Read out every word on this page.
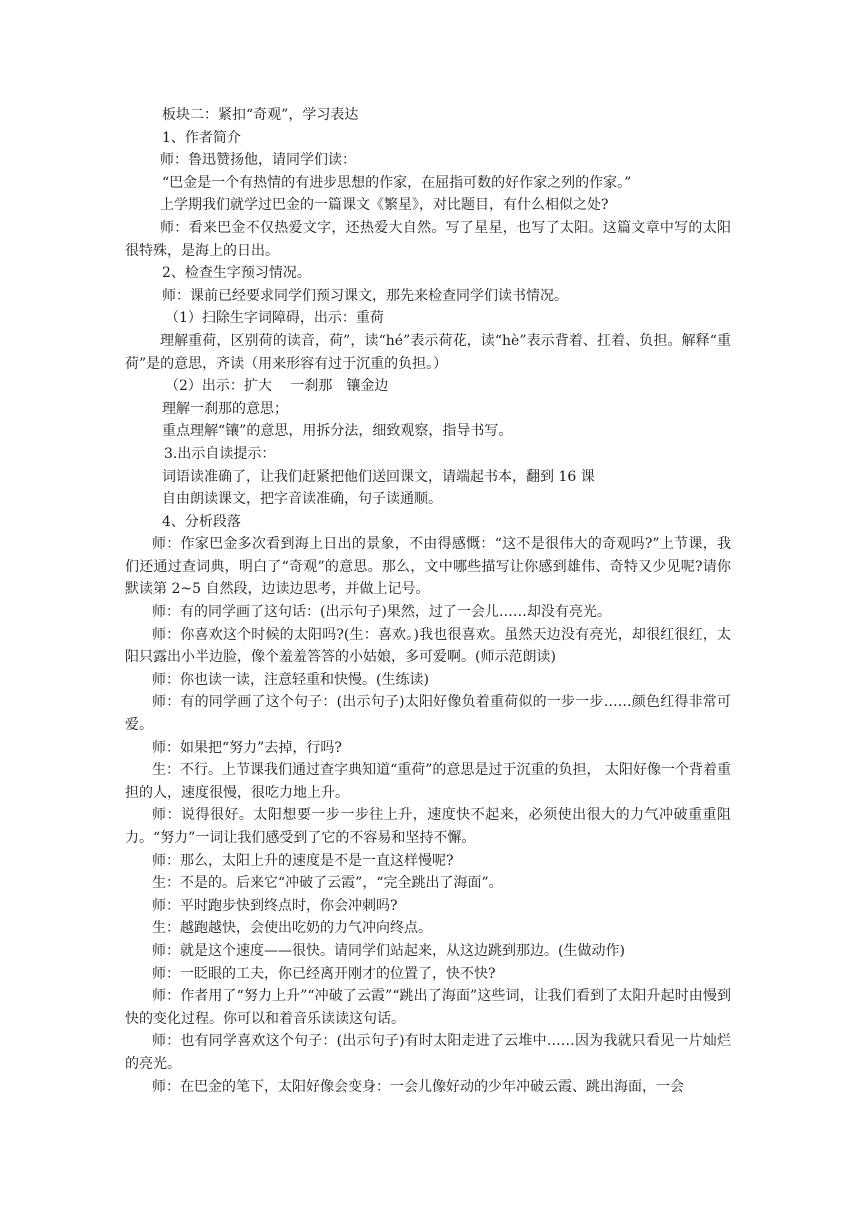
板块二：紧扣“奇观”，学习表达

1、作者简介

师：鲁迅赞扬他，请同学们读：

“巴金是一个有热情的有进步思想的作家，在屈指可数的好作家之列的作家。”

上学期我们就学过巴金的一篇课文《繁星》，对比题目，有什么相似之处?

师：看来巴金不仅热爱文字，还热爱大自然。写了星星，也写了太阳。这篇文章中写的太阳很特殊，是海上的日出。

2、检查生字预习情况。

师：课前已经要求同学们预习课文，那先来检查同学们读书情况。

（1）扫除生字词障碍，出示：重荷

理解重荷，区别荷的读音，荷”，读“hé”表示荷花，读“hè”表示背着、扛着、负担。解释“重荷”是的意思，齐读（用来形容有过于沉重的负担。）

（2）出示：扩大　 一刹那　镶金边

理解一刹那的意思；

重点理解“镶”的意思，用拆分法，细致观察，指导书写。

3.出示自读提示：

词语读准确了，让我们赶紧把他们送回课文，请端起书本，翻到 16 课

自由朗读课文，把字音读准确，句子读通顺。

4、分析段落

师：作家巴金多次看到海上日出的景象，不由得感慨：“这不是很伟大的奇观吗?”上节课，我们还通过查词典，明白了“奇观”的意思。那么，文中哪些描写让你感到雄伟、奇特又少见呢?请你默读第 2~5 自然段，边读边思考，并做上记号。

师：有的同学画了这句话：(出示句子)果然，过了一会儿……却没有亮光。

师：你喜欢这个时候的太阳吗?(生：喜欢。)我也很喜欢。虽然天边没有亮光，却很红很红，太阳只露出小半边脸，像个羞羞答答的小姑娘，多可爱啊。(师示范朗读)

师：你也读一读，注意轻重和快慢。(生练读)

师：有的同学画了这个句子：(出示句子)太阳好像负着重荷似的一步一步……颜色红得非常可爱。

师：如果把“努力”去掉，行吗?

生：不行。上节课我们通过查字典知道“重荷”的意思是过于沉重的负担， 太阳好像一个背着重担的人，速度很慢，很吃力地上升。

师：说得很好。太阳想要一步一步往上升，速度快不起来，必须使出很大的力气冲破重重阻力。“努力”一词让我们感受到了它的不容易和坚持不懈。

师：那么，太阳上升的速度是不是一直这样慢呢?

生：不是的。后来它“冲破了云霞”，“完全跳出了海面”。

师：平时跑步快到终点时，你会冲刺吗?

生：越跑越快，会使出吃奶的力气冲向终点。

师：就是这个速度——很快。请同学们站起来，从这边跳到那边。(生做动作)

师：一眨眼的工夫，你已经离开刚才的位置了，快不快?

师：作者用了“努力上升”“冲破了云霞”“跳出了海面”这些词，让我们看到了太阳升起时由慢到快的变化过程。你可以和着音乐读读这句话。

师：也有同学喜欢这个句子：(出示句子)有时太阳走进了云堆中……因为我就只看见一片灿烂的亮光。

师：在巴金的笔下，太阳好像会变身：一会儿像好动的少年冲破云霞、跳出海面，一会
